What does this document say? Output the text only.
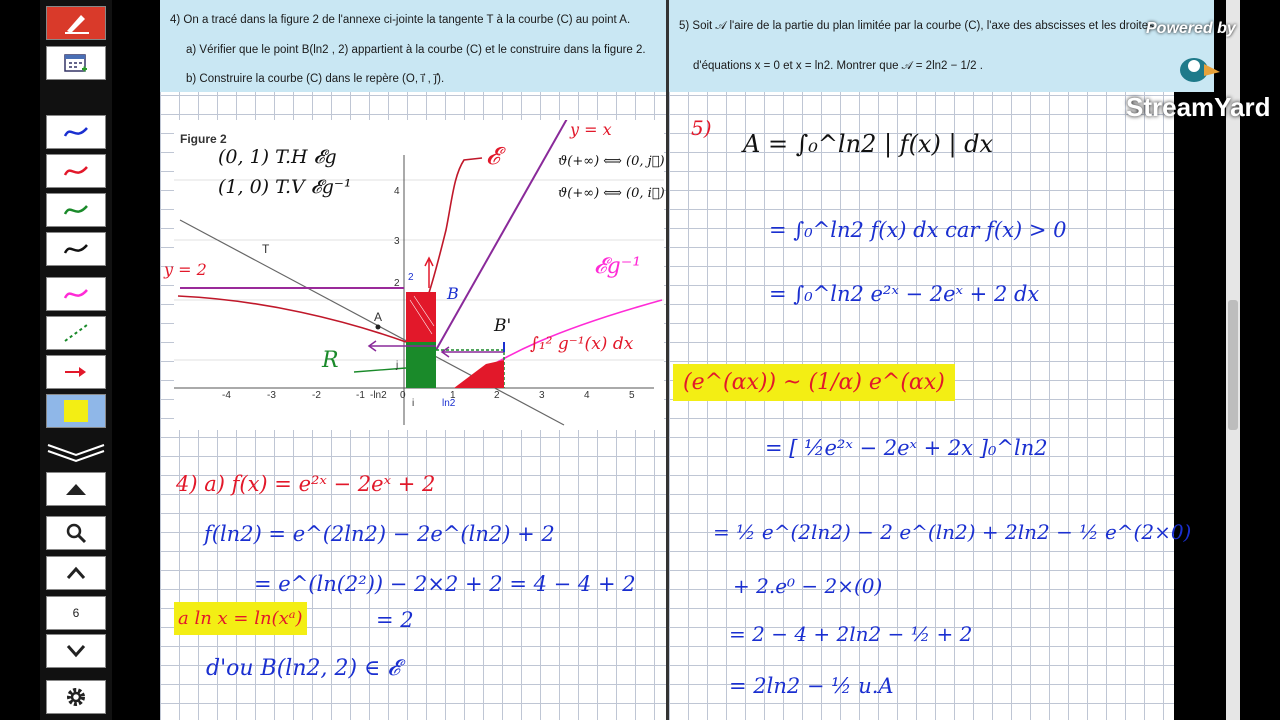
6

4) On a tracé dans la figure 2 de l'annexe ci-jointe la tangente T à la courbe (C) au point A.

a) Vérifier que le point B(ln2 , 2) appartient à la courbe (C) et le construire dans la figure 2.

b) Construire la courbe (C) dans le repère (O, i⃗ , j⃗).

Figure 2
(0, 1) T.H 𝓔g
(1, 0) T.V 𝓔g⁻¹
y = x
𝓔	ϑ(+∞) ⟺ (0, j⃗)
ϑ(+∞) ⟺ (0, i⃗)
y = 2
T
A
B
B'
𝓔g⁻¹
R
∫₁² g⁻¹(x) dx
-4	-3	-2	-1 -ln2 0	1	2	3	4	5
4
3
2
ln2
i
j
2
4) a) f(x) = e²ˣ − 2eˣ + 2
f(ln2) = e^(2ln2) − 2e^(ln2) + 2
= e^(ln(2²)) − 2×2 + 2 = 4 − 4 + 2
a ln x = ln(xᵃ)	= 2
d'ou B(ln2, 2) ∈ 𝓔

5) Soit 𝒜 l'aire de la partie du plan limitée par la courbe (C), l'axe des abscisses et les droites

d'équations x = 0 et x = ln2. Montrer que 𝒜 = 2ln2 − 1/2 .

5)
A = ∫₀^ln2 | f(x) | dx
= ∫₀^ln2 f(x) dx car f(x) > 0
= ∫₀^ln2 e²ˣ − 2eˣ + 2 dx
(e^(αx)) ~ (1/α) e^(αx)
= [ ½e²ˣ − 2eˣ + 2x ]₀^ln2
= ½ e^(2ln2) − 2 e^(ln2) + 2ln2 − ½ e^(2×0)
+ 2.e⁰ − 2×(0)
= 2 − 4 + 2ln2 − ½ + 2
= 2ln2 − ½ u.A
Powered by
StreamYard
